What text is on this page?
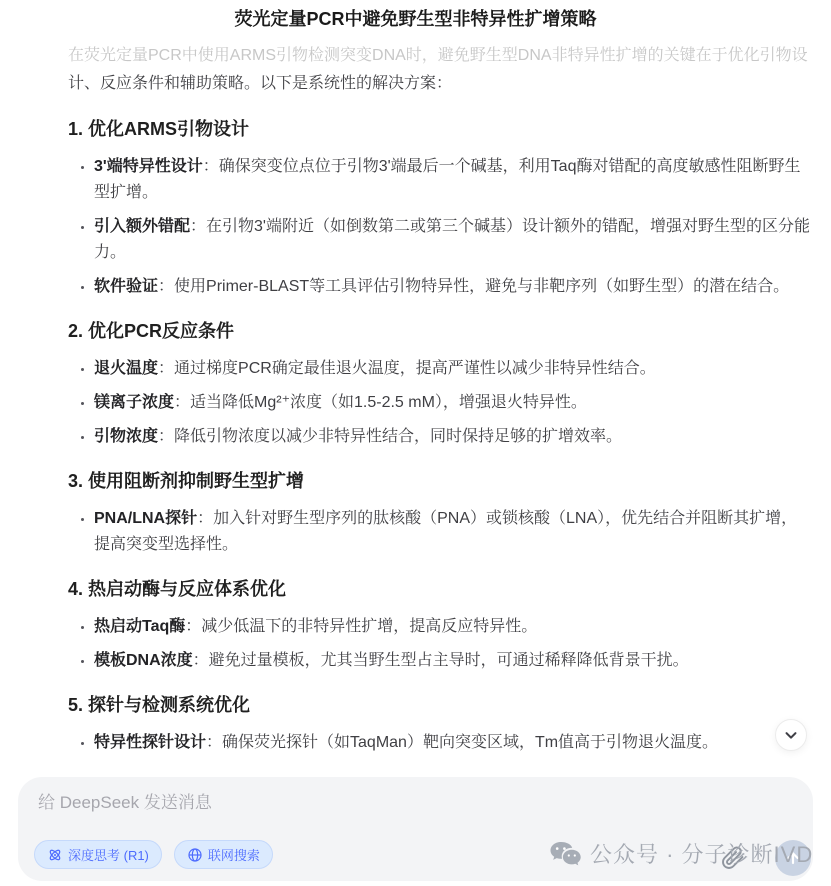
在荧光定量PCR中使用ARMS引物检测突变DNA时，避免野生型DNA非特异性扩增的关键在于优化引物设
计、反应条件和辅助策略。以下是系统性的解决方案：

1. 优化ARMS引物设计
• 3'端特异性设计：确保突变位点位于引物3'端最后一个碱基，利用Taq酶对错配的高度敏感性阻断野生型扩增。
• 引入额外错配：在引物3'端附近（如倒数第二或第三个碱基）设计额外的错配，增强对野生型的区分能力。
• 软件验证：使用Primer-BLAST等工具评估引物特异性，避免与非靶序列（如野生型）的潜在结合。
2. 优化PCR反应条件
• 退火温度：通过梯度PCR确定最佳退火温度，提高严谨性以减少非特异性结合。
• 镁离子浓度：适当降低Mg²⁺浓度（如1.5-2.5 mM），增强退火特异性。
• 引物浓度：降低引物浓度以减少非特异性结合，同时保持足够的扩增效率。
3. 使用阻断剂抑制野生型扩增
• PNA/LNA探针：加入针对野生型序列的肽核酸（PNA）或锁核酸（LNA），优先结合并阻断其扩增，提高突变型选择性。
4. 热启动酶与反应体系优化
• 热启动Taq酶：减少低温下的非特异性扩增，提高反应特异性。
• 模板DNA浓度：避免过量模板，尤其当野生型占主导时，可通过稀释降低背景干扰。
5. 探针与检测系统优化
• 特异性探针设计：确保荧光探针（如TaqMan）靶向突变区域，Tm值高于引物退火温度。
荧光定量PCR中避免野生型非特异性扩增策略
给 DeepSeek 发送消息
深度思考 (R1)	联网搜索	公众号 · 分子诊断IVD
